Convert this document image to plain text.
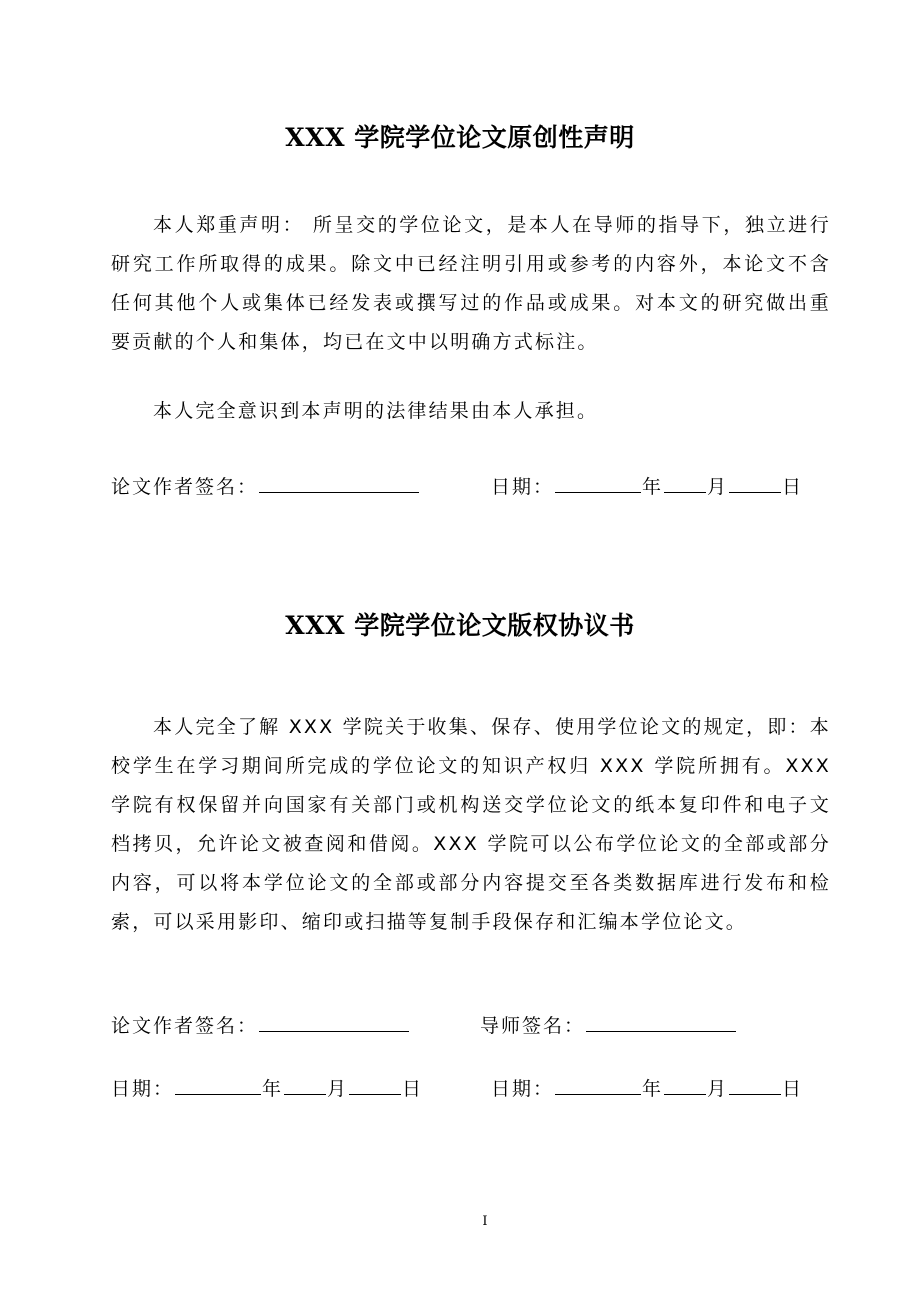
XXX 学院学位论文原创性声明

本人郑重声明： 所呈交的学位论文，是本人在导师的指导下，独立进行研究工作所取得的成果。除文中已经注明引用或参考的内容外，本论文不含任何其他个人或集体已经发表或撰写过的作品或成果。对本文的研究做出重要贡献的个人和集体，均已在文中以明确方式标注。

本人完全意识到本声明的法律结果由本人承担。

论文作者签名：	日期：	年 月	日
XXX 学院学位论文版权协议书

本人完全了解 XXX 学院关于收集、保存、使用学位论文的规定，即：本校学生在学习期间所完成的学位论文的知识产权归 XXX 学院所拥有。XXX 学院有权保留并向国家有关部门或机构送交学位论文的纸本复印件和电子文档拷贝，允许论文被查阅和借阅。XXX 学院可以公布学位论文的全部或部分内容，可以将本学位论文的全部或部分内容提交至各类数据库进行发布和检索，可以采用影印、缩印或扫描等复制手段保存和汇编本学位论文。

论文作者签名：	导师签名：
日期：	年 月	日	日期：	年 月	日
I
